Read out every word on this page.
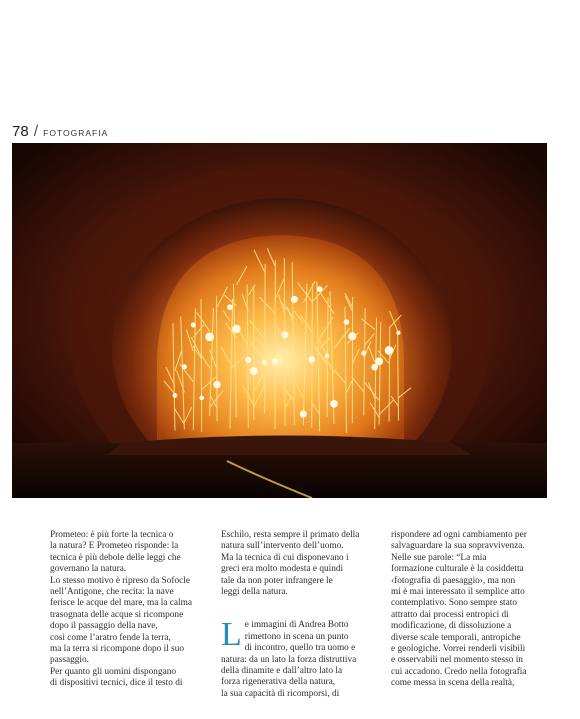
78 / FOTOGRAFIA

Prometeo: è più forte la tecnica o

la natura? E Prometeo risponde: la

tecnica è più debole delle leggi che

governano la natura.

Lo stesso motivo è ripreso da Sofocle

nell’Antigone, che recita: la nave

ferisce le acque del mare, ma la calma

trasognata delle acque si ricompone

dopo il passaggio della nave,

così come l’aratro fende la terra,

ma la terra si ricompone dopo il suo

passaggio.

Per quanto gli uomini dispongano

di dispositivi tecnici, dice il testo di

Eschilo, resta sempre il primato della

natura sull’intervento dell’uomo.

Ma la tecnica di cui disponevano i

greci era molto modesta e quindi

tale da non poter infrangere le

leggi della natura.

L e immagini di Andrea Botto

rimettono in scena un punto

di incontro, quello tra uomo e

natura: da un lato la forza distruttiva

della dinamite e dall’altro lato la

forza rigenerativa della natura,

la sua capacità di ricomporsi, di

rispondere ad ogni cambiamento per

salvaguardare la sua sopravvivenza.

Nelle sue parole: “La mia

formazione culturale è la cosiddetta

‹fotografia di paesaggio›, ma non

mi è mai interessato il semplice atto

contemplativo. Sono sempre stato

attratto dai processi entropici di

modificazione, di dissoluzione a

diverse scale temporali, antropiche

e geologiche. Vorrei renderli visibili

e osservabili nel momento stesso in

cui accadono. Credo nella fotografia

come messa in scena della realtà,
